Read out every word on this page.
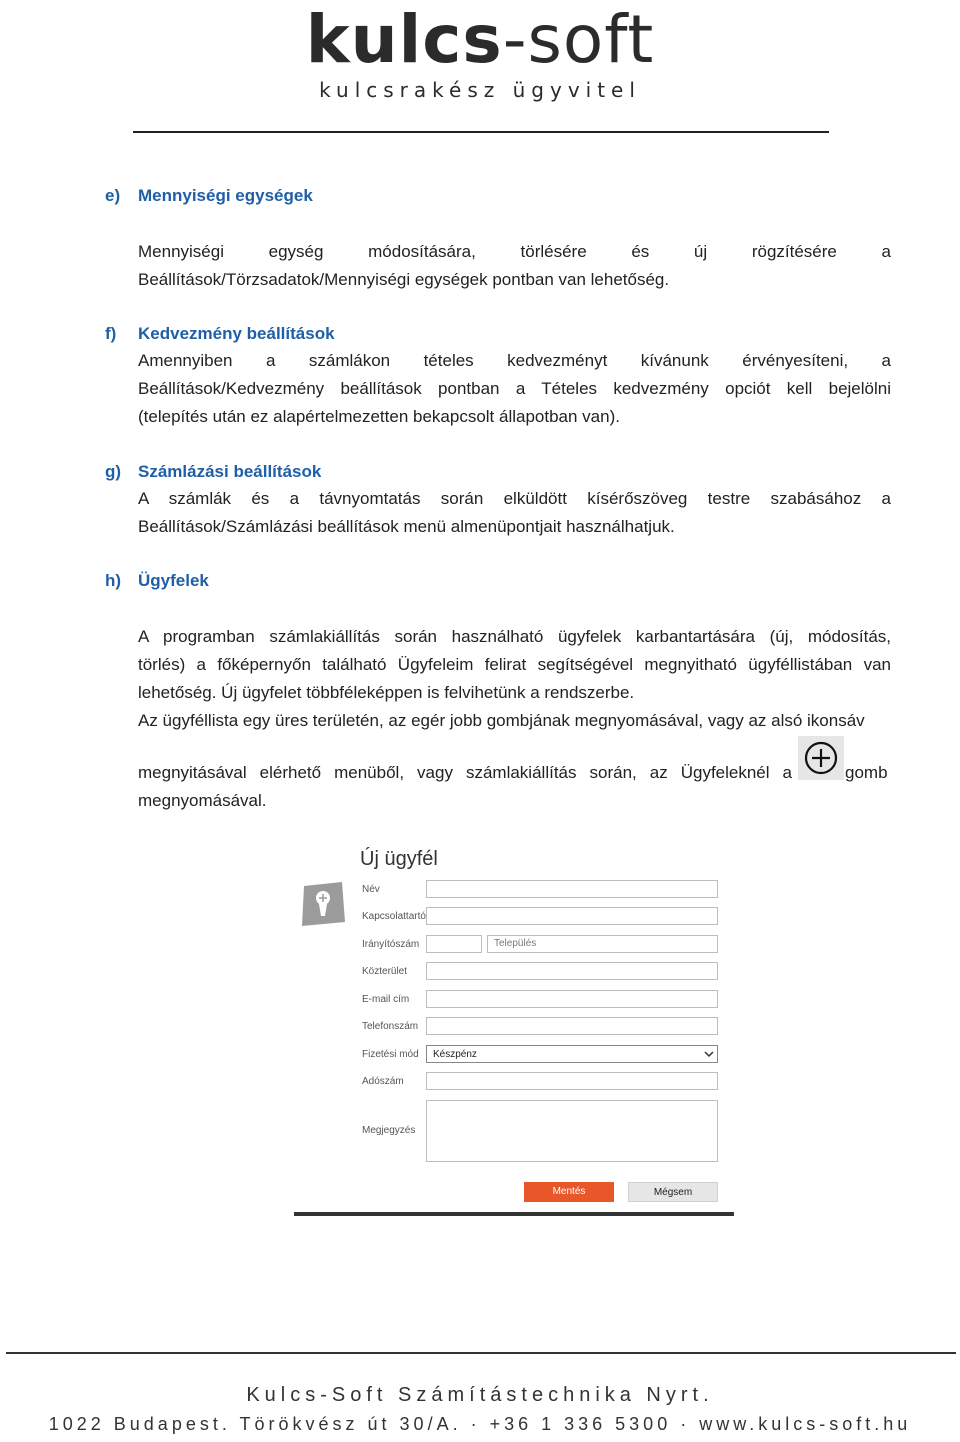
kulcs-soft
kulcsrakész ügyvitel
e) Mennyiségi egységek
Mennyiségi egység módosítására, törlésére és új rögzítésére a
Beállítások/Törzsadatok/Mennyiségi egységek pontban van lehetőség.
f) Kedvezmény beállítások
Amennyiben a számlákon tételes kedvezményt kívánunk érvényesíteni, a
Beállítások/Kedvezmény beállítások pontban a Tételes kedvezmény opciót kell bejelölni
(telepítés után ez alapértelmezetten bekapcsolt állapotban van).
g) Számlázási beállítások
A számlák és a távnyomtatás során elküldött kísérőszöveg testre szabásához a
Beállítások/Számlázási beállítások menü almenüpontjait használhatjuk.
h) Ügyfelek
A programban számlakiállítás során használható ügyfelek karbantartására (új, módosítás,
törlés) a főképernyőn található Ügyfeleim felirat segítségével megnyitható ügyféllistában van
lehetőség. Új ügyfelet többféleképpen is felvihetünk a rendszerbe.
Az ügyféllista egy üres területén, az egér jobb gombjának megnyomásával, vagy az alsó ikonsáv
megnyitásával elérhető menüből, vagy számlakiállítás során, az Ügyfeleknél a	gomb
megnyomásával.
Új ügyfél
Név
Kapcsolattartó
Irányítószám	Település
Közterület
E-mail cím
Telefonszám
Fizetési mód Készpénz
Adószám
Megjegyzés
Mentés	Mégsem
Kulcs-Soft Számítástechnika Nyrt.
1022 Budapest. Törökvész út 30/A. · +36 1 336 5300 · www.kulcs-soft.hu
